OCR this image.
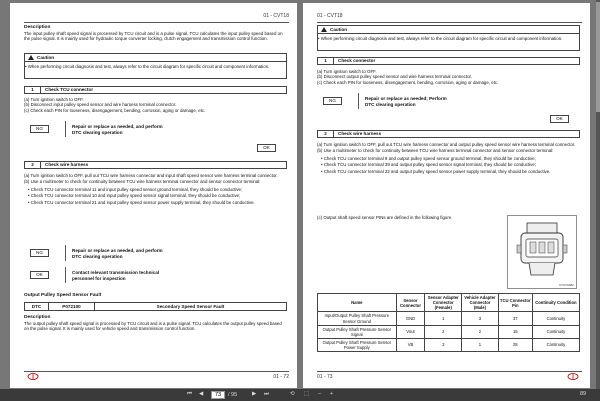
01 - CVT18
Description
The input pulley shaft speed signal is processed by TCU circuit and is a pulse signal. TCU calculates the input pulley speed based on the pulse signal. It is mainly used for hydraulic torque converter locking, clutch engagement and transmission control function.
Caution
• When performing circuit diagnosis and test, always refer to the circuit diagram for specific circuit and component information.
1	Check TCU connector
(a) Turn ignition switch to OFF.
(b) Disconnect input pulley speed sensor and wire harness terminal connector.
(c) Check each PIN for looseness, disengagement, bending, corrosion, aging or damage, etc.
NG	Repair or replace as needed, and perform
DTC clearing operation
OK
2	Check wire harness
(a) Turn ignition switch to OFF, pull out TCU wire harness connector and input shaft speed sensor wire harness terminal connector.
(b) Use a multimeter to check for continuity between TCU wire harness terminal connector and sensor connector terminal:
• Check TCU connector terminal 11 and input pulley speed sensor ground terminal, they should be conductive;
• Check TCU connector terminal 10 and input pulley speed sensor signal terminal, they should be conductive;
• Check TCU connector terminal 21 and input pulley speed sensor power supply terminal, they should be conductive.
NG	Repair or replace as needed, and perform
DTC clearing operation
OK	Contact relevant transmission technical
personnel for inspection
Output Pulley Speed Sensor Fault
DTC	P072100	Secondary Speed Sensor Fault
Description
The output pulley shaft speed signal is processed by TCU circuit and is a pulse signal. TCU calculates the output pulley speed based on the pulse signal. It is mainly used for vehicle speed and transmission control function.
01 - 72
01 - CVT18
Caution
• When performing circuit diagnosis and test, always refer to the circuit diagram for specific circuit and component information.
1	Check connector
(a) Turn ignition switch to OFF.
(b) Disconnect output pulley speed sensor and wire harness terminal connector.
(c) Check each PIN for looseness, disengagement, bending, corrosion, aging or damage, etc.
NG	Repair or replace as needed; Perform
DTC clearing operation
OK
2	Check wire harness
(a) Turn ignition switch to OFF, pull out TCU wire harness connector and output pulley speed sensor wire harness terminal connector.
(b) Use a multimeter to check for continuity between TCU wire harness terminal connector and sensor connector terminal:
• Check TCU connector terminal 9 and output pulley speed sensor ground terminal, they should be conductive;
• Check TCU connector terminal 39 and output pulley speed sensor signal terminal, they should be conductive;
• Check TCU connector terminal 22 and output pulley speed sensor power supply terminal, they should be conductive.
(c) Output shaft speed sensor PINs are defined in the following figure.
CTCV0482
Name	Sensor Connector	Sensor Adapter Connector (Female)	Vehicle Adapter Connector (Male)	TCU Connector Pin	Continuity Condition
Input/Output Pulley Shaft Pressure Sensor Ground	GND	1	3	37	Continuity
Output Pulley Shaft Pressure Sensor Signal	Vout	2	2	15	Continuity
Output Pulley Shaft Pressure Sensor Power Supply	VB	3	1	28	Continuity
01 - 73
⏮ ◀
73	/ 95	▶ ⏭	⟲ ⬚ − +	89
